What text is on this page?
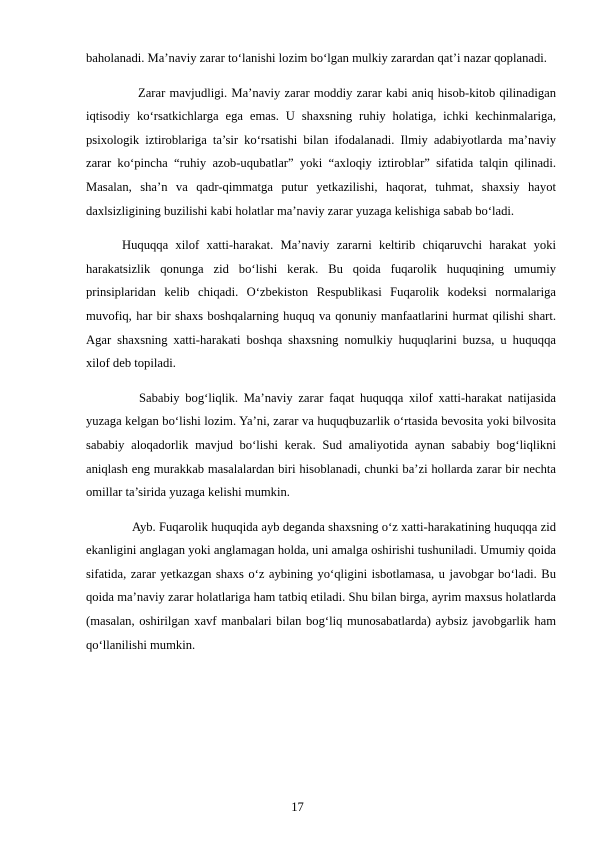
baholanadi. Ma’naviy zarar to‘lanishi lozim bo‘lgan mulkiy zarardan qat’i nazar qoplanadi.

Zarar mavjudligi. Ma’naviy zarar moddiy zarar kabi aniq hisob-kitob qilinadigan iqtisodiy ko‘rsatkichlarga ega emas. U shaxsning ruhiy holatiga, ichki kechinmalariga, psixologik iztiroblariga ta’sir ko‘rsatishi bilan ifodalanadi. Ilmiy adabiyotlarda ma’naviy zarar ko‘pincha “ruhiy azob-uqubatlar” yoki “axloqiy iztiroblar” sifatida talqin qilinadi. Masalan, sha’n va qadr-qimmatga putur yetkazilishi, haqorat, tuhmat, shaxsiy hayot daxlsizligining buzilishi kabi holatlar ma’naviy zarar yuzaga kelishiga sabab bo‘ladi.

Huquqqa xilof xatti-harakat. Ma’naviy zararni keltirib chiqaruvchi harakat yoki harakatsizlik qonunga zid bo‘lishi kerak. Bu qoida fuqarolik huquqining umumiy prinsiplaridan kelib chiqadi. O‘zbekiston Respublikasi Fuqarolik kodeksi normalariga muvofiq, har bir shaxs boshqalarning huquq va qonuniy manfaatlarini hurmat qilishi shart. Agar shaxsning xatti-harakati boshqa shaxsning nomulkiy huquqlarini buzsa, u huquqqa xilof deb topiladi.

Sababiy bog‘liqlik. Ma’naviy zarar faqat huquqqa xilof xatti-harakat natijasida yuzaga kelgan bo‘lishi lozim. Ya’ni, zarar va huquqbuzarlik o‘rtasida bevosita yoki bilvosita sababiy aloqadorlik mavjud bo‘lishi kerak. Sud amaliyotida aynan sababiy bog‘liqlikni aniqlash eng murakkab masalalardan biri hisoblanadi, chunki ba’zi hollarda zarar bir nechta omillar ta’sirida yuzaga kelishi mumkin.

Ayb. Fuqarolik huquqida ayb deganda shaxsning o‘z xatti-harakatining huquqqa zid ekanligini anglagan yoki anglamagan holda, uni amalga oshirishi tushuniladi. Umumiy qoida sifatida, zarar yetkazgan shaxs o‘z aybining yo‘qligini isbotlamasa, u javobgar bo‘ladi. Bu qoida ma’naviy zarar holatlariga ham tatbiq etiladi. Shu bilan birga, ayrim maxsus holatlarda (masalan, oshirilgan xavf manbalari bilan bog‘liq munosabatlarda) aybsiz javobgarlik ham qo‘llanilishi mumkin.

17
